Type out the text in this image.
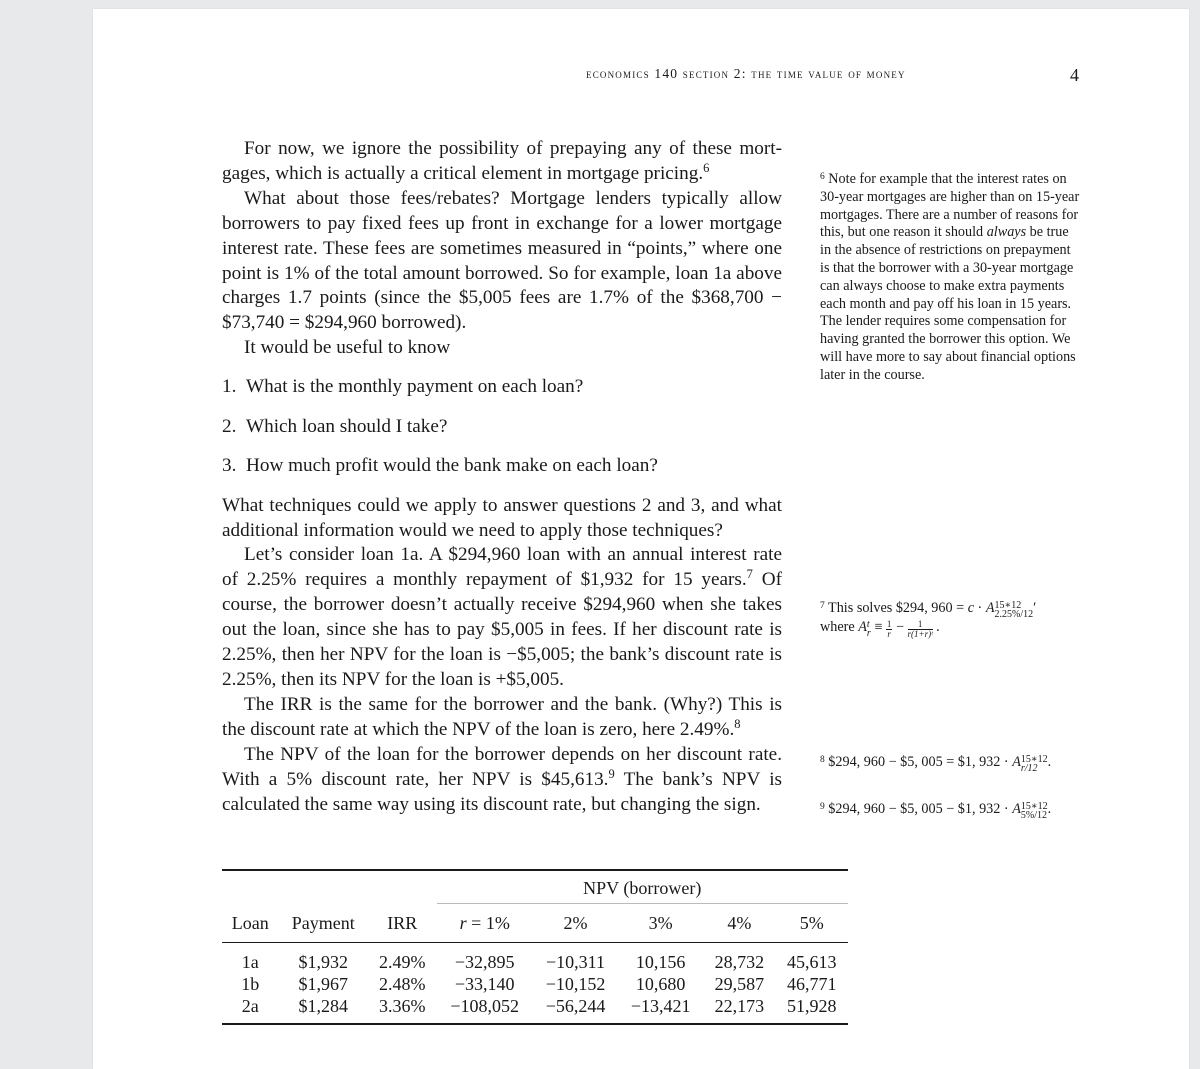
economics 140 section 2: the time value of money	4

For now, we ignore the possibility of prepaying any of these mortgages, which is actually a critical element in mortgage pricing.$^6$

What about those fees/rebates? Mortgage lenders typically allow borrowers to pay fixed fees up front in exchange for a lower mortgage interest rate. These fees are sometimes measured in “points,” where one point is 1% of the total amount borrowed. So for example, loan 1a above charges 1.7 points (since the $5,005 fees are 1.7% of the $368,700 − $73,740 = $294,960 borrowed).

It would be useful to know

1. What is the monthly payment on each loan?
2. Which loan should I take?
3. How much profit would the bank make on each loan?

What techniques could we apply to answer questions 2 and 3, and what additional information would we need to apply those techniques?

Let’s consider loan 1a. A $294,960 loan with an annual interest rate of 2.25% requires a monthly repayment of $1,932 for 15 years.$^7$ Of course, the borrower doesn’t actually receive $294,960 when she takes out the loan, since she has to pay $5,005 in fees. If her discount rate is 2.25%, then her NPV for the loan is −$5,005; the bank’s discount rate is 2.25%, then its NPV for the loan is +$5,005.

The IRR is the same for the borrower and the bank. (Why?) This is the discount rate at which the NPV of the loan is zero, here 2.49%.$^8$

The NPV of the loan for the borrower depends on her discount rate. With a 5% discount rate, her NPV is $45,613.$^9$ The bank’s NPV is calculated the same way using its discount rate, but changing the sign.

$^6$ Note for example that the interest rates on 30-year mortgages are higher than on 15-year mortgages. There are a number of reasons for this, but one reason it should always be true in the absence of restrictions on prepayment is that the borrower with a 30-year mortgage can always choose to make extra payments each month and pay off his loan in 15 years. The lender requires some compensation for having granted the borrower this option. We will have more to say about financial options later in the course.

$^7$ This solves $294, 960 = c · A 15∗12
2.25%/12 ′

where A t
$r \equiv \frac{1}{r} - \frac{1}{\text{r(1+r)ᵗ}}$ .

$^8$ $294, 960 − $5, 005 = $1, 932 · A 15∗12
r/12 .

$^9$ $294, 960 − $5, 005 − $1, 932 · A 15∗12
5%/12 .

			NPV (borrower)				
Loan	Payment	IRR	r = 1%	2%	3%	4%	5%
1a	$1,932	2.49%	−32,895	−10,311	10,156	28,732	45,613
1b	$1,967	2.48%	−33,140	−10,152	10,680	29,587	46,771
2a	$1,284	3.36%	−108,052	−56,244	−13,421	22,173	51,928
